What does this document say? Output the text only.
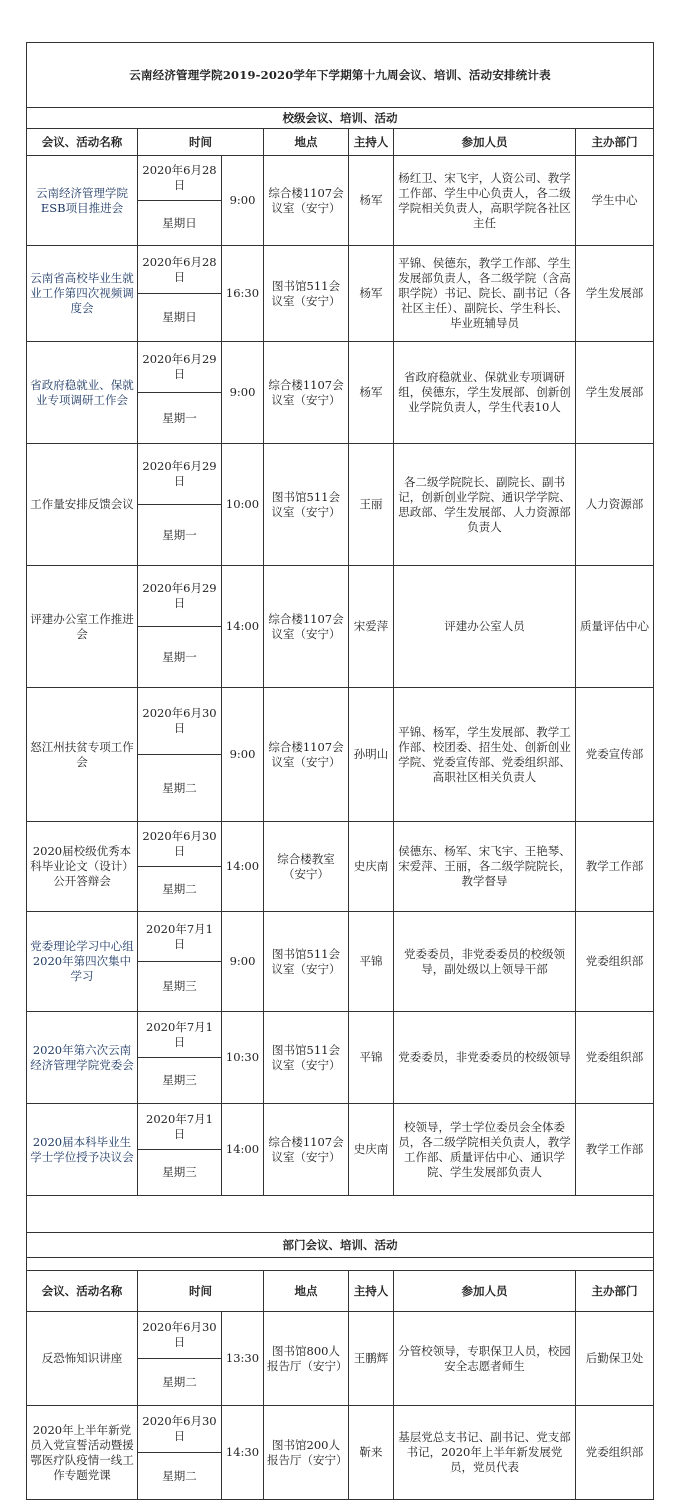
云南经济管理学院2019-2020学年下学期第十九周会议、培训、活动安排统计表						
校级会议、培训、活动						
会议、活动名称	时间		地点	主持人	参加人员	主办部门
云南经济管理学院ESB项目推进会	2020年6月28日	9:00	综合楼1107会议室（安宁）	杨军	杨红卫、宋飞宇，人资公司、教学工作部、学生中心负责人，各二级学院相关负责人，高职学院各社区主任	学生中心
	星期日					
云南省高校毕业生就业工作第四次视频调度会	2020年6月28日	16:30	图书馆511会议室（安宁）	杨军	平锦、侯德东，教学工作部、学生发展部负责人，各二级学院（含高职学院）书记、院长、副书记（各社区主任）、副院长、学生科长、毕业班辅导员	学生发展部
	星期日					
省政府稳就业、保就业专项调研工作会	2020年6月29日	9:00	综合楼1107会议室（安宁）	杨军	省政府稳就业、保就业专项调研组，侯德东，学生发展部、创新创业学院负责人，学生代表10人	学生发展部
	星期一					
工作量安排反馈会议	2020年6月29日	10:00	图书馆511会议室（安宁）	王丽	各二级学院院长、副院长、副书记，创新创业学院、通识学学院、思政部、学生发展部、人力资源部负责人	人力资源部
	星期一					
评建办公室工作推进会	2020年6月29日	14:00	综合楼1107会议室（安宁）	宋爱萍	评建办公室人员	质量评估中心
	星期一					
怒江州扶贫专项工作会	2020年6月30日	9:00	综合楼1107会议室（安宁）	孙明山	平锦、杨军，学生发展部、教学工作部、校团委、招生处、创新创业学院、党委宣传部、党委组织部、高职社区相关负责人	党委宣传部
	星期二					
2020届校级优秀本科毕业论文（设计）公开答辩会	2020年6月30日	14:00	综合楼教室（安宁）	史庆南	侯德东、杨军、宋飞宇、王艳琴、宋爱萍、王丽，各二级学院院长，教学督导	教学工作部
	星期二					
党委理论学习中心组2020年第四次集中学习	2020年7月1日	9:00	图书馆511会议室（安宁）	平锦	党委委员，非党委委员的校级领导，副处级以上领导干部	党委组织部
	星期三					
2020年第六次云南经济管理学院党委会	2020年7月1日	10:30	图书馆511会议室（安宁）	平锦	党委委员，非党委委员的校级领导	党委组织部
	星期三					
2020届本科毕业生学士学位授予决议会	2020年7月1日	14:00	综合楼1107会议室（安宁）	史庆南	校领导，学士学位委员会全体委员，各二级学院相关负责人，教学工作部、质量评估中心、通识学院、学生发展部负责人	教学工作部
	星期三					

部门会议、培训、活动						

会议、活动名称	时间		地点	主持人	参加人员	主办部门
反恐怖知识讲座	2020年6月30日	13:30	图书馆800人报告厅（安宁）	王鹏辉	分管校领导，专职保卫人员，校园安全志愿者师生	后勤保卫处
	星期二					
2020年上半年新党员入党宣誓活动暨援鄂医疗队疫情一线工作专题党课	2020年6月30日	14:30	图书馆200人报告厅（安宁）	靳来	基层党总支书记、副书记、党支部书记，2020年上半年新发展党员，党员代表	党委组织部
	星期二					
